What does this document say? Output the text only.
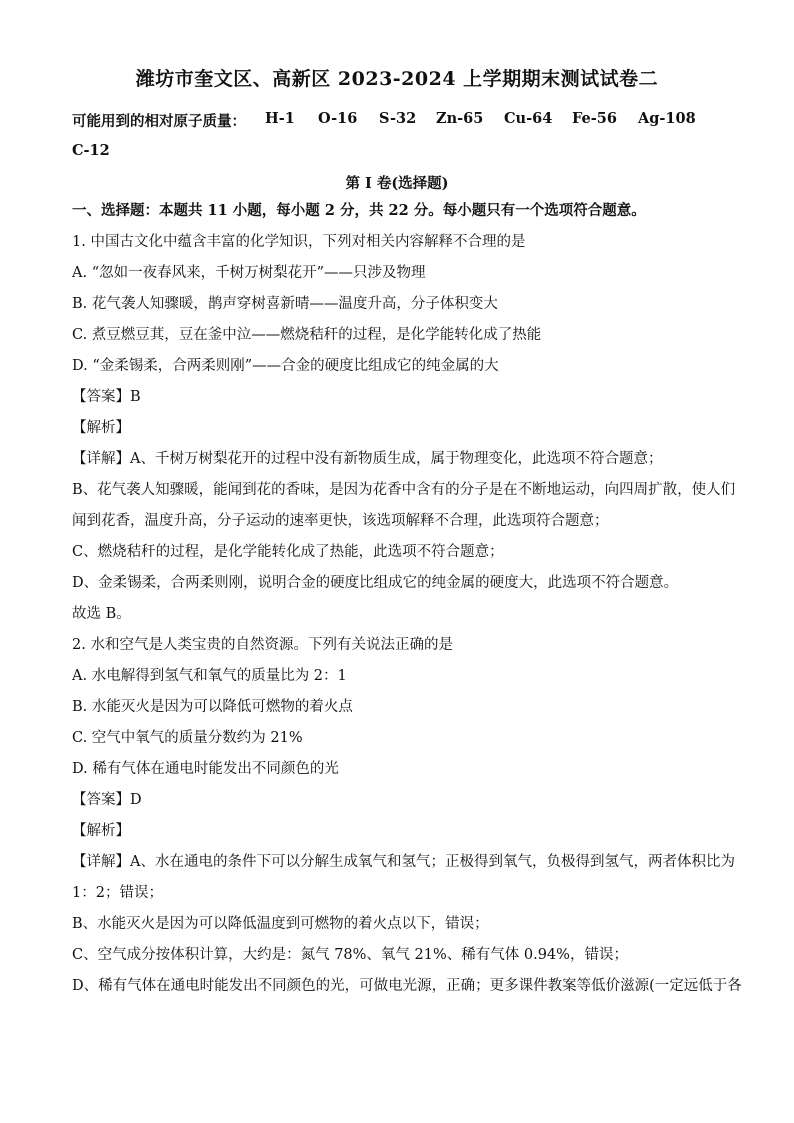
潍坊市奎文区、高新区 2023-2024 上学期期末测试试卷二
可能用到的相对原子质量： H-1 O-16 S-32 Zn-65 Cu-64 Fe-56 Ag-108
C-12
第 I 卷(选择题)
一、选择题：本题共 11 小题，每小题 2 分，共 22 分。每小题只有一个选项符合题意。
1. 中国古文化中蕴含丰富的化学知识，下列对相关内容解释不合理的是
A. “忽如一夜春风来，千树万树梨花开”——只涉及物理
B. 花气袭人知骤暖，鹊声穿树喜新晴——温度升高，分子体积变大
C. 煮豆燃豆萁，豆在釜中泣——燃烧秸秆的过程，是化学能转化成了热能
D. “金柔锡柔，合两柔则刚”——合金的硬度比组成它的纯金属的大
【答案】B
【解析】
【详解】A、千树万树梨花开的过程中没有新物质生成，属于物理变化，此选项不符合题意；
B、花气袭人知骤暖，能闻到花的香味，是因为花香中含有的分子是在不断地运动，向四周扩散，使人们
闻到花香，温度升高，分子运动的速率更快，该选项解释不合理，此选项符合题意；
C、燃烧秸秆的过程，是化学能转化成了热能，此选项不符合题意；
D、金柔锡柔，合两柔则刚，说明合金的硬度比组成它的纯金属的硬度大，此选项不符合题意。
故选 B。
2. 水和空气是人类宝贵的自然资源。下列有关说法正确的是
A. 水电解得到氢气和氧气的质量比为 2：1
B. 水能灭火是因为可以降低可燃物的着火点
C. 空气中氧气的质量分数约为 21%
D. 稀有气体在通电时能发出不同颜色的光
【答案】D
【解析】
【详解】A、水在通电的条件下可以分解生成氧气和氢气；正极得到氧气，负极得到氢气，两者体积比为
1：2；错误；
B、水能灭火是因为可以降低温度到可燃物的着火点以下，错误；
C、空气成分按体积计算，大约是：氮气 78%、氧气 21%、稀有气体 0.94%，错误；
D、稀有气体在通电时能发出不同颜色的光，可做电光源，正确；更多课件教案等低价滋源(一定远低于各
